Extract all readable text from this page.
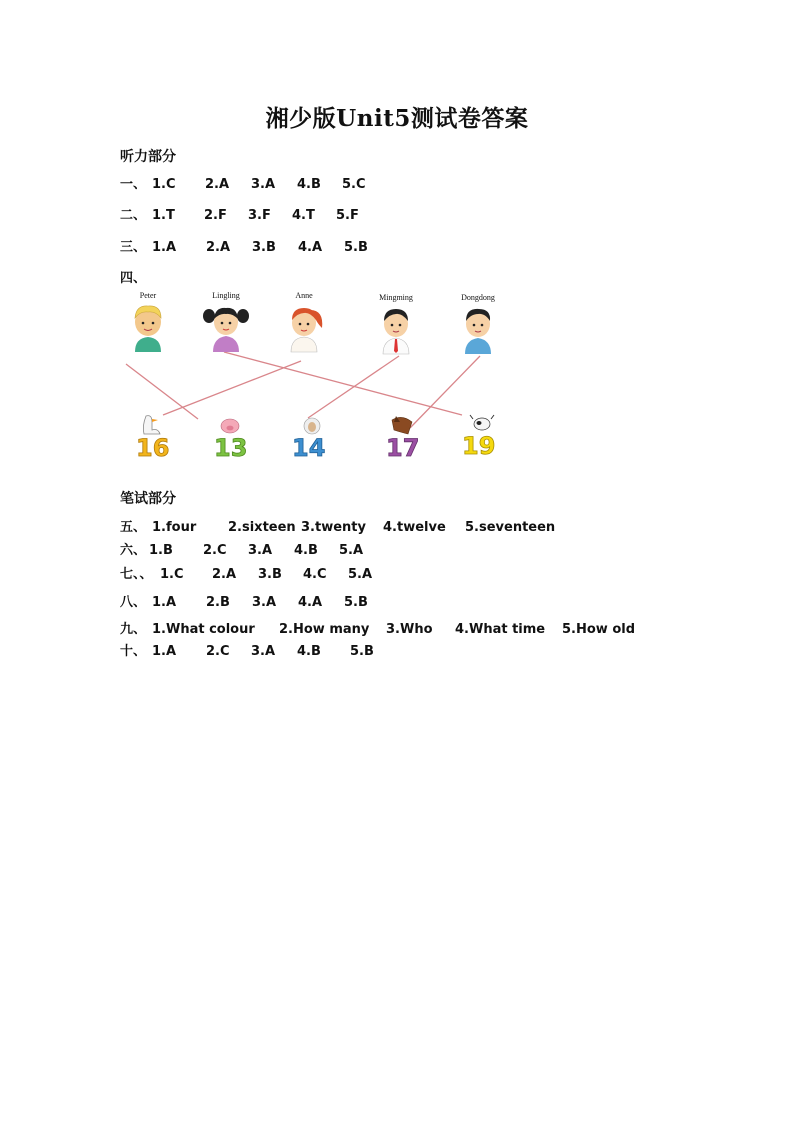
湘少版Unit5测试卷答案
听力部分
一、 1.C 2.A 3.A 4.B 5.C
二、 1.T 2.F 3.F 4.T 5.F
三、 1.A 2.A 3.B 4.A 5.B
四、
Peter	Lingling	Anne	Mingming	Dongdong
16 13 14	17 19
笔试部分
五、 1.four 2.sixteen 3.twenty 4.twelve 5.seventeen
六、 1.B 2.C 3.A 4.B 5.A
七、、 1.C 2.A 3.B 4.C 5.A
八、 1.A 2.B 3.A 4.A 5.B
九、 1.What colour 2.How many 3.Who 4.What time 5.How old
十、 1.A 2.C 3.A 4.B 5.B
